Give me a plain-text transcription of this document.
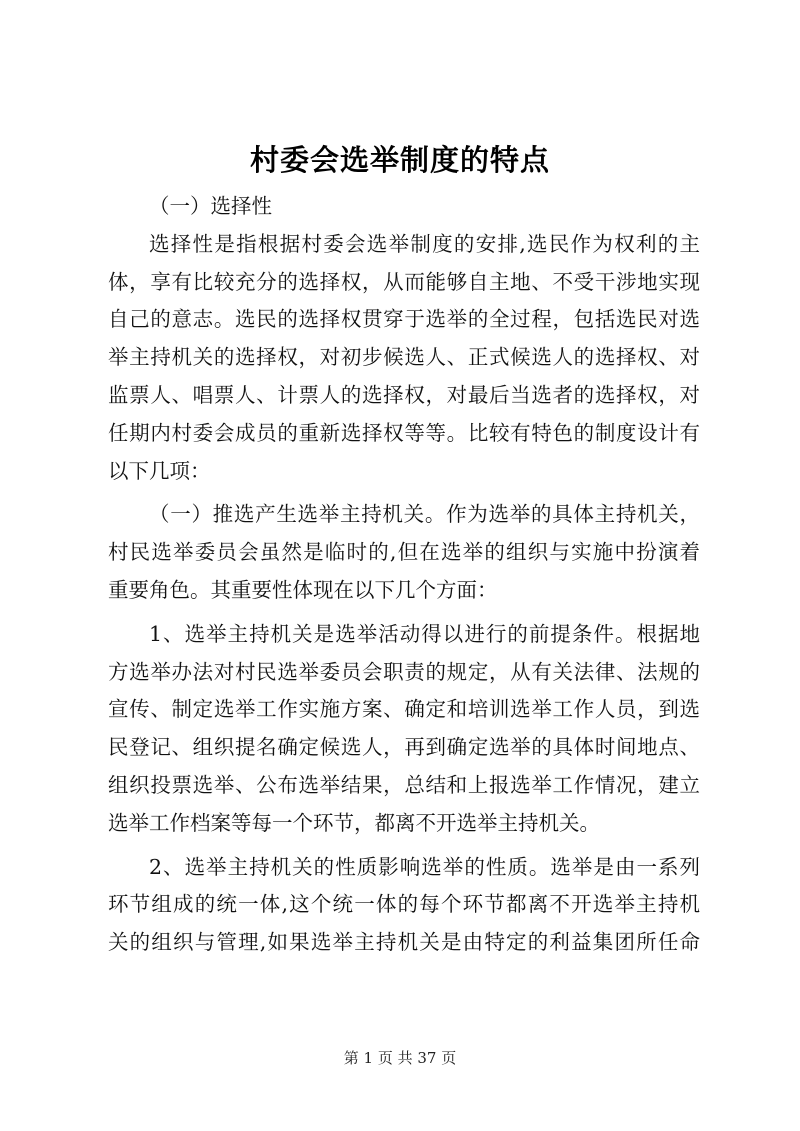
村委会选举制度的特点
（一）选择性
选择性是指根据村委会选举制度的安排,选民作为权利的主
体，享有比较充分的选择权，从而能够自主地、不受干涉地实现
自己的意志。选民的选择权贯穿于选举的全过程，包括选民对选
举主持机关的选择权，对初步候选人、正式候选人的选择权、对
监票人、唱票人、计票人的选择权，对最后当选者的选择权，对
任期内村委会成员的重新选择权等等。比较有特色的制度设计有
以下几项：
（一）推选产生选举主持机关。作为选举的具体主持机关，
村民选举委员会虽然是临时的,但在选举的组织与实施中扮演着
重要角色。其重要性体现在以下几个方面：
1、选举主持机关是选举活动得以进行的前提条件。根据地
方选举办法对村民选举委员会职责的规定，从有关法律、法规的
宣传、制定选举工作实施方案、确定和培训选举工作人员，到选
民登记、组织提名确定候选人，再到确定选举的具体时间地点、
组织投票选举、公布选举结果，总结和上报选举工作情况，建立
选举工作档案等每一个环节，都离不开选举主持机关。
2、选举主持机关的性质影响选举的性质。选举是由一系列
环节组成的统一体,这个统一体的每个环节都离不开选举主持机
关的组织与管理,如果选举主持机关是由特定的利益集团所任命
第 1 页 共 37 页
